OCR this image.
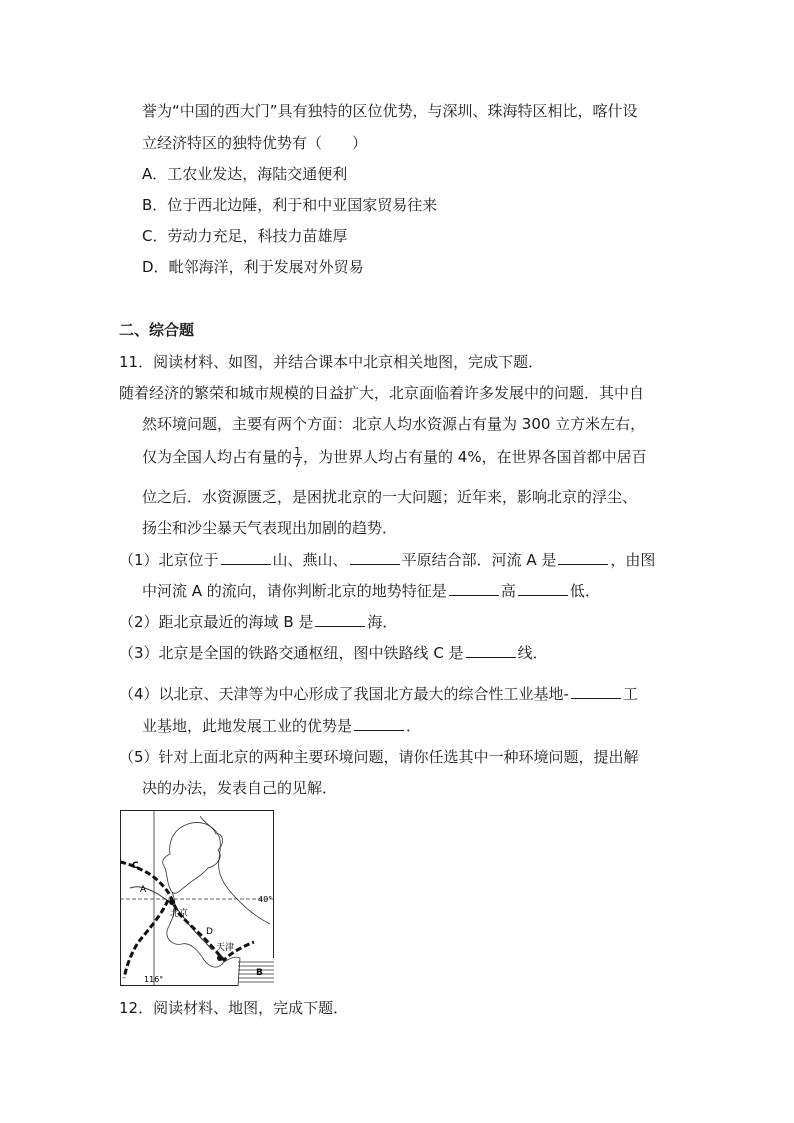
誉为“中国的西大门”具有独特的区位优势，与深圳、珠海特区相比，喀什设
立经济特区的独特优势有（　　）
A．工农业发达，海陆交通便利
B．位于西北边陲，利于和中亚国家贸易往来
C．劳动力充足，科技力苗雄厚
D．毗邻海洋，利于发展对外贸易
二、综合题
11．阅读材料、如图，并结合课本中北京相关地图，完成下题．
随着经济的繁荣和城市规模的日益扩大，北京面临着许多发展中的问题．其中自
然环境问题，主要有两个方面：北京人均水资源占有量为 300 立方米左右，
仅为全国人均占有量的 $\frac{1}{7}$ ，为世界人均占有量的 4%，在世界各国首都中居百
位之后．水资源匮乏，是困扰北京的一大问题；近年来，影响北京的浮尘、
扬尘和沙尘暴天气表现出加剧的趋势．
（1）北京位于	山、燕山、	平原结合部．河流 A 是	，由图
中河流 A 的流向，请你判断北京的地势特征是	高	低．
（2）距北京最近的海域 B 是	海．
（3）北京是全国的铁路交通枢纽，图中铁路线 C 是	线．
（4）以北京、天津等为中心形成了我国北方最大的综合性工业基地-	工
业基地，此地发展工业的优势是	．
（5）针对上面北京的两种主要环境问题，请你任选其中一种环境问题，提出解
决的办法，发表自己的见解．
C
A
D
B
北京
天津
40°
116°
12．阅读材料、地图，完成下题．
